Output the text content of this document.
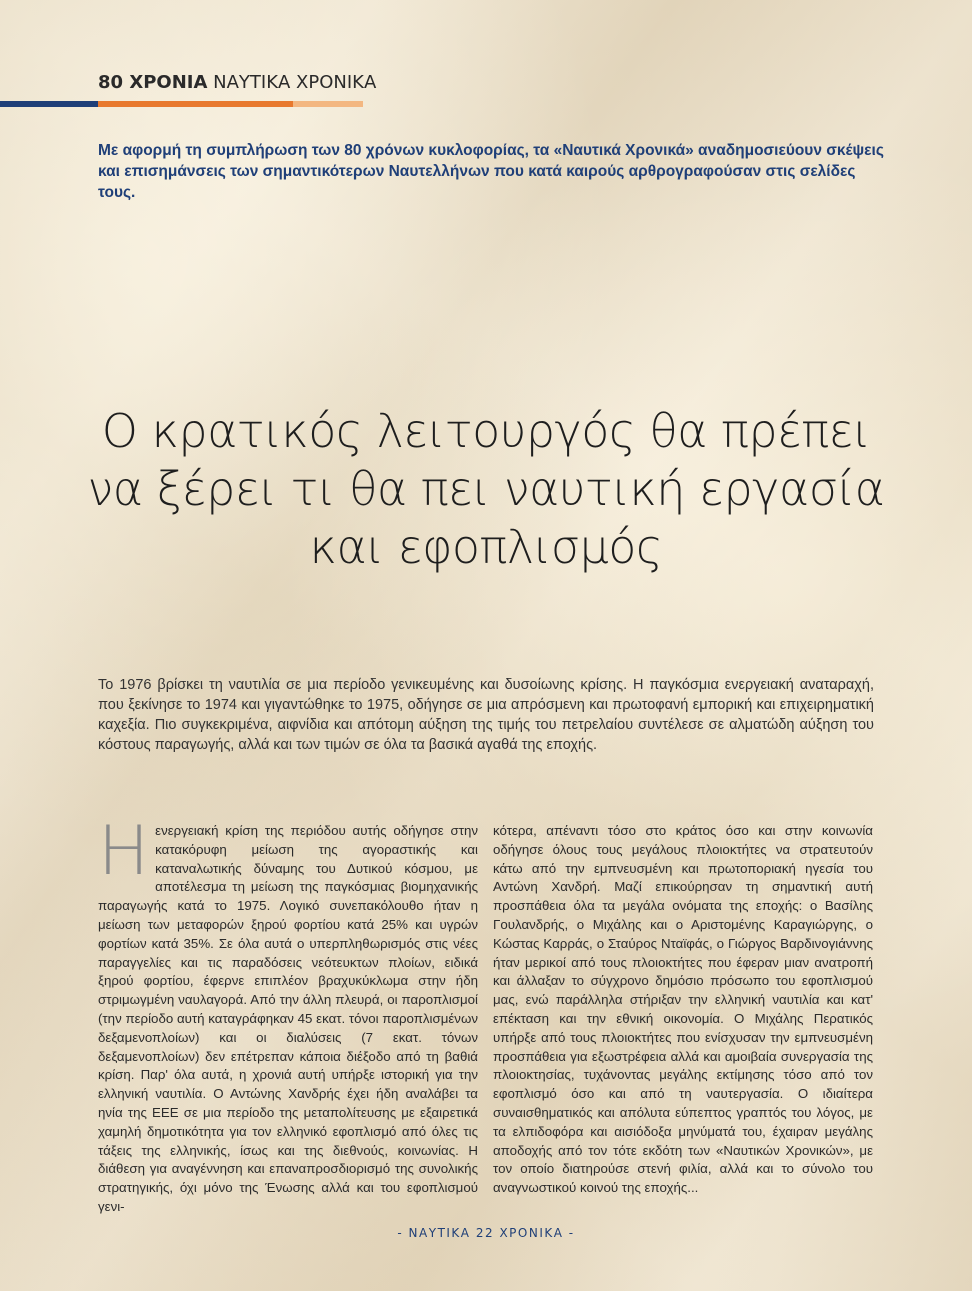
80 ΧΡΟΝΙΑ ΝΑΥΤΙΚΑ ΧΡΟΝΙΚΑ
Με αφορμή τη συμπλήρωση των 80 χρόνων κυκλοφορίας, τα «Ναυτικά Χρονικά» αναδημοσιεύουν σκέψεις και επισημάνσεις των σημαντικότερων Ναυτελλήνων που κατά καιρούς αρθρογραφούσαν στις σελίδες τους.
Ο κρατικός λειτουργός θα πρέπει
να ξέρει τι θα πει ναυτική εργασία
και εφοπλισμός
Το 1976 βρίσκει τη ναυτιλία σε μια περίοδο γενικευμένης και δυσοίωνης κρίσης. Η παγκόσμια ενεργειακή αναταραχή, που ξεκίνησε το 1974 και γιγαντώθηκε το 1975, οδήγησε σε μια απρόσμενη και πρωτοφανή εμπορική και επιχειρηματική καχεξία. Πιο συγκεκριμένα, αιφνίδια και απότομη αύξηση της τιμής του πετρελαίου συντέλεσε σε αλματώδη αύξηση του κόστους παραγωγής, αλλά και των τιμών σε όλα τα βασικά αγαθά της εποχής.
Η ενεργειακή κρίση της περιόδου αυτής οδήγησε στην κατακόρυφη μείωση της αγοραστικής και καταναλωτικής δύναμης του Δυτικού κόσμου, με αποτέλεσμα τη μείωση της παγκόσμιας βιομηχανικής παραγωγής κατά το 1975. Λογικό συνεπακόλουθο ήταν η μείωση των μεταφορών ξηρού φορτίου κατά 25% και υγρών φορτίων κατά 35%. Σε όλα αυτά ο υπερπληθωρισμός στις νέες παραγγελίες και τις παραδόσεις νεότευκτων πλοίων, ειδικά ξηρού φορτίου, έφερνε επιπλέον βραχυκύκλωμα στην ήδη στριμωγμένη ναυλαγορά. Από την άλλη πλευρά, οι παροπλισμοί (την περίοδο αυτή καταγράφηκαν 45 εκατ. τόνοι παροπλισμένων δεξαμενοπλοίων) και οι διαλύσεις (7 εκατ. τόνων δεξαμενοπλοίων) δεν επέτρεπαν κάποια διέξοδο από τη βαθιά κρίση. Παρ' όλα αυτά, η χρονιά αυτή υπήρξε ιστορική για την ελληνική ναυτιλία. Ο Αντώνης Χανδρής έχει ήδη αναλάβει τα ηνία της ΕΕΕ σε μια περίοδο της μεταπολίτευσης με εξαιρετικά χαμηλή δημοτικότητα για τον ελληνικό εφοπλισμό από όλες τις τάξεις της ελληνικής, ίσως και της διεθνούς, κοινωνίας. Η διάθεση για αναγέννηση και επαναπροσδιορισμό της συνολικής στρατηγικής, όχι μόνο της Ένωσης αλλά και του εφοπλισμού γενι-
κότερα, απέναντι τόσο στο κράτος όσο και στην κοινωνία οδήγησε όλους τους μεγάλους πλοιοκτήτες να στρατευτούν κάτω από την εμπνευσμένη και πρωτοποριακή ηγεσία του Αντώνη Χανδρή. Μαζί επικούρησαν τη σημαντική αυτή προσπάθεια όλα τα μεγάλα ονόματα της εποχής: ο Βασίλης Γουλανδρής, ο Μιχάλης και ο Αριστομένης Καραγιώργης, ο Κώστας Καρράς, ο Σταύρος Νταϊφάς, ο Γιώργος Βαρδινογιάννης ήταν μερικοί από τους πλοιοκτήτες που έφεραν μιαν ανατροπή και άλλαξαν το σύγχρονο δημόσιο πρόσωπο του εφοπλισμού μας, ενώ παράλληλα στήριξαν την ελληνική ναυτιλία και κατ' επέκταση και την εθνική οικονομία. Ο Μιχάλης Περατικός υπήρξε από τους πλοιοκτήτες που ενίσχυσαν την εμπνευσμένη προσπάθεια για εξωστρέφεια αλλά και αμοιβαία συνεργασία της πλοιοκτησίας, τυχάνοντας μεγάλης εκτίμησης τόσο από τον εφοπλισμό όσο και από τη ναυτεργασία. Ο ιδιαίτερα συναισθηματικός και απόλυτα εύπεπτος γραπτός του λόγος, με τα ελπιδοφόρα και αισιόδοξα μηνύματά του, έχαιραν μεγάλης αποδοχής από τον τότε εκδότη των «Ναυτικών Χρονικών», με τον οποίο διατηρούσε στενή φιλία, αλλά και το σύνολο του αναγνωστικού κοινού της εποχής...
- ΝΑΥΤΙΚΑ 22 ΧΡΟΝΙΚΑ -
